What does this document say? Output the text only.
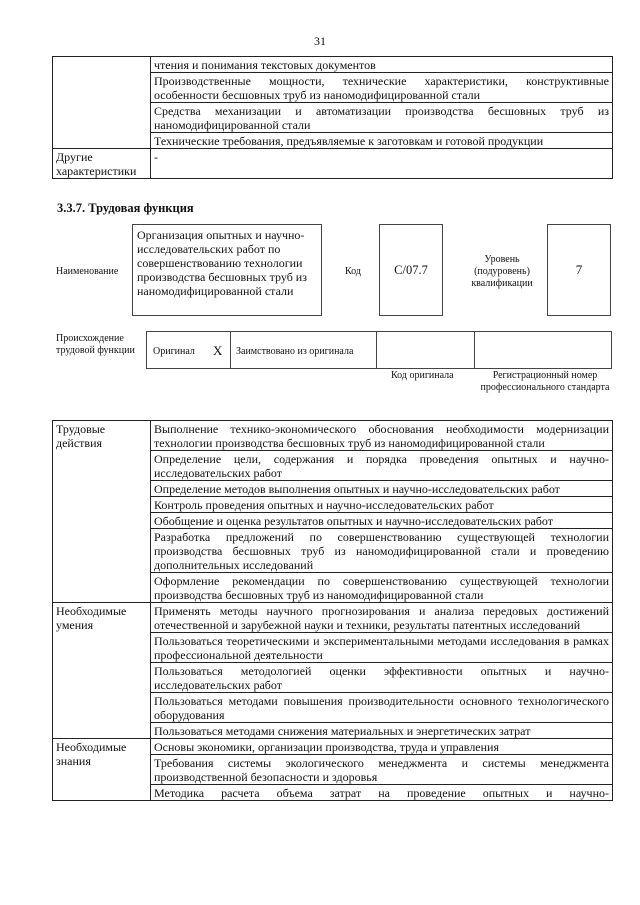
31
	чтения и понимания текстовых документов
	Производственные мощности, технические характеристики, конструктивные особенности бесшовных труб из наномодифицированной стали
	Средства механизации и автоматизации производства бесшовных труб из наномодифицированной стали
	Технические требования, предъявляемые к заготовкам и готовой продукции
Другие характеристики	-
3.3.7. Трудовая функция
Наименование
Организация опытных и научно-исследовательских работ по совершенствованию технологии производства бесшовных труб из наномодифицированной стали
Код	С/07.7
Уровень (подуровень) квалификации
7
Происхождение трудовой функции Оригинал X Заимствовано из оригинала
Код оригинала	Регистрационный номер профессионального стандарта
Трудовые действия	Выполнение технико-экономического обоснования необходимости модернизации технологии производства бесшовных труб из наномодифицированной стали
	Определение цели, содержания и порядка проведения опытных и научно-исследовательских работ
	Определение методов выполнения опытных и научно-исследовательских работ
	Контроль проведения опытных и научно-исследовательских работ
	Обобщение и оценка результатов опытных и научно-исследовательских работ
	Разработка предложений по совершенствованию существующей технологии производства бесшовных труб из наномодифицированной стали и проведению дополнительных исследований
	Оформление рекомендации по совершенствованию существующей технологии производства бесшовных труб из наномодифицированной стали
Необходимые умения	Применять методы научного прогнозирования и анализа передовых достижений отечественной и зарубежной науки и техники, результаты патентных исследований
	Пользоваться теоретическими и экспериментальными методами исследования в рамках профессиональной деятельности
	Пользоваться методологией оценки эффективности опытных и научно-исследовательских работ
	Пользоваться методами повышения производительности основного технологического оборудования
	Пользоваться методами снижения материальных и энергетических затрат
Необходимые знания	Основы экономики, организации производства, труда и управления
	Требования системы экологического менеджмента и системы менеджмента производственной безопасности и здоровья
	Методика расчета объема затрат на проведение опытных и научно-
